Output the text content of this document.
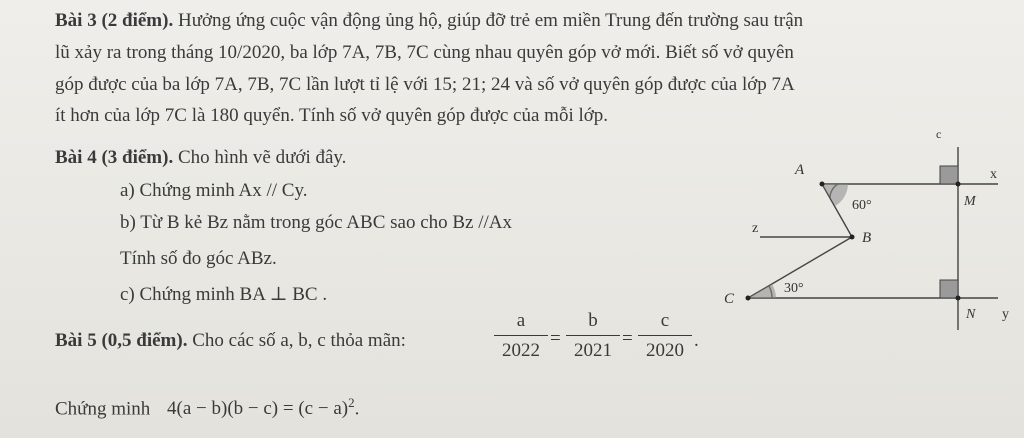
Bài 3 (2 điểm). Hưởng ứng cuộc vận động ủng hộ, giúp đỡ trẻ em miền Trung đến trường sau trận
lũ xảy ra trong tháng 10/2020, ba lớp 7A, 7B, 7C cùng nhau quyên góp vở mới. Biết số vở quyên
góp được của ba lớp 7A, 7B, 7C lần lượt tỉ lệ với 15; 21; 24 và số vở quyên góp được của lớp 7A
ít hơn của lớp 7C là 180 quyển. Tính số vở quyên góp được của mỗi lớp.
Bài 4 (3 điểm). Cho hình vẽ dưới đây.
a) Chứng minh Ax // Cy.
b) Từ B kẻ Bz nằm trong góc ABC sao cho Bz //Ax
Tính số đo góc ABz.
c) Chứng minh BA ⊥ BC .
Bài 5 (0,5 điểm). Cho các số a, b, c thỏa mãn:
a
2022
=
b
2021
=
c
2020 .
Chứng minh $4(a - b)(b - c) = (c - a)^2$.
A
B
C
M
N
x
y
z
c
60°
30°
